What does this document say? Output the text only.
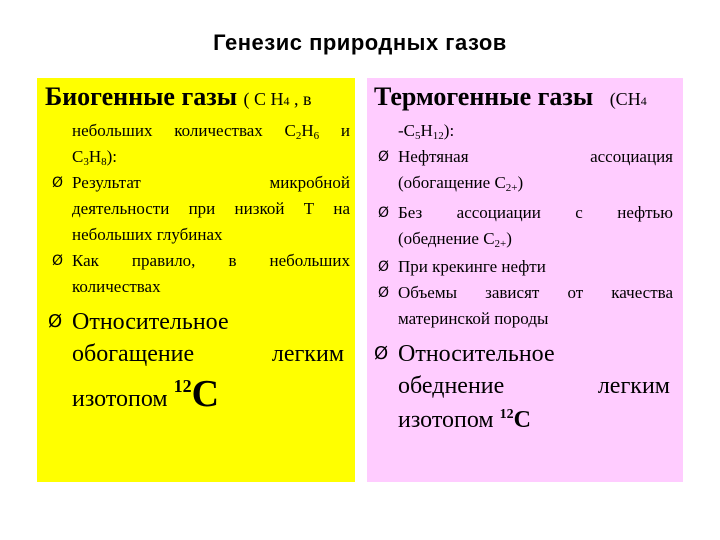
Генезис природных газов
Биогенные газы ( С Н4 , в
небольших количествах $С_2Н_6$ и
$С_3Н_8$):
Ø Результат микробной
деятельности при низкой Т на
небольших глубинах
Ø Как правило, в небольших
количествах
Ø Относительное
обогащение легким
изотопом $^{12}$С
Термогенные газы (СН4
$-С_5Н_{12}$):
Ø Нефтяная ассоциация
(обогащение $С_{2+}$)
Ø Без ассоциации с нефтью
(обеднение $С_{2+}$)
Ø При крекинге нефти
Ø Объемы зависят от качества
материнской породы
Ø Относительное
обеднение легким
изотопом $^{12}$С
